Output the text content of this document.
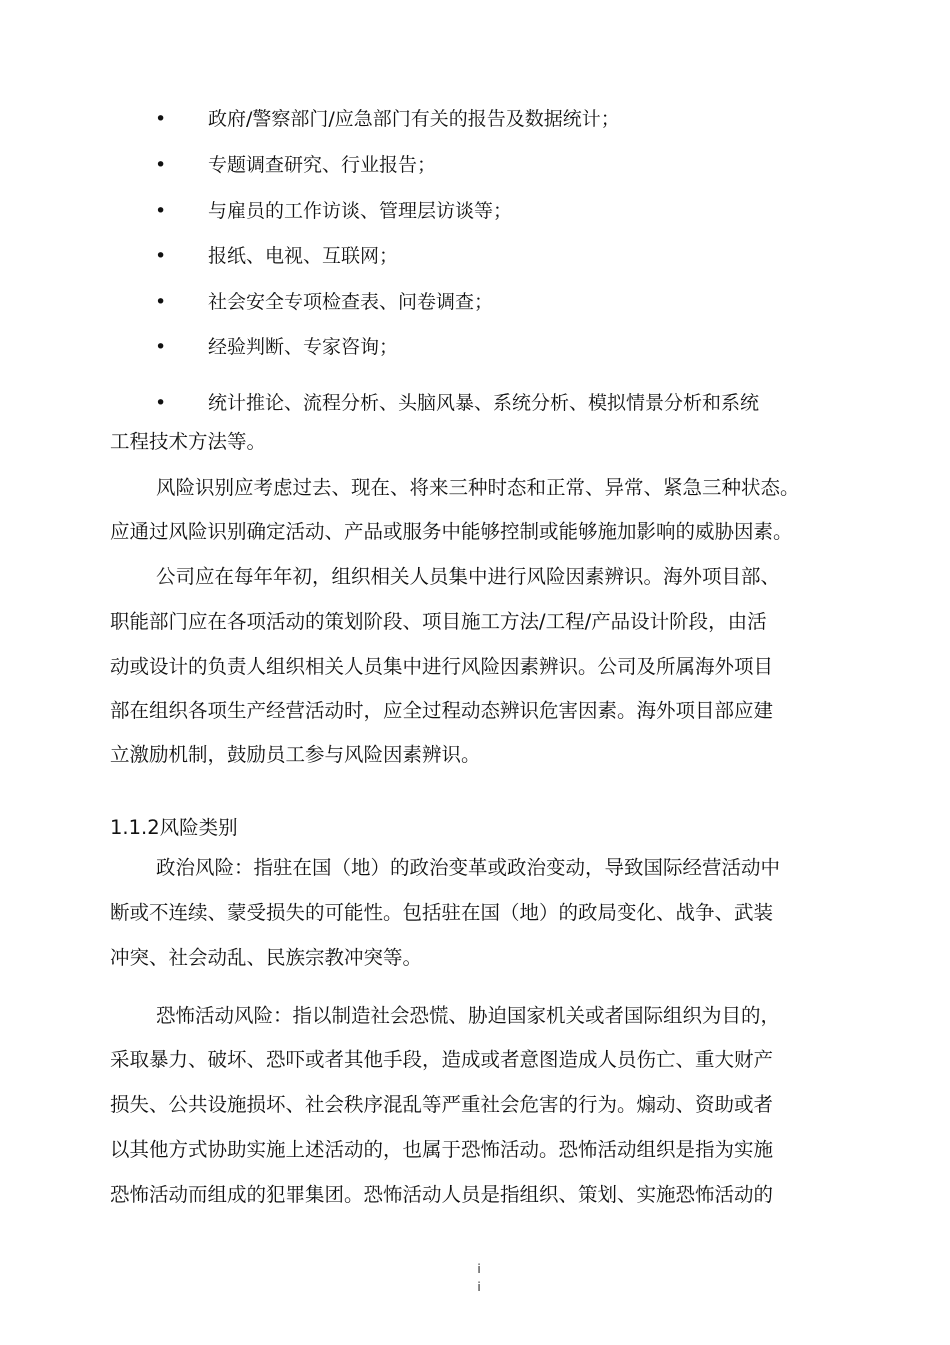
• 政府/警察部门/应急部门有关的报告及数据统计；
• 专题调查研究、行业报告；
• 与雇员的工作访谈、管理层访谈等；
• 报纸、电视、互联网；
• 社会安全专项检查表、问卷调查；
• 经验判断、专家咨询；
• 统计推论、流程分析、头脑风暴、系统分析、模拟情景分析和系统
工程技术方法等。
风险识别应考虑过去、现在、将来三种时态和正常、异常、紧急三种状态。
应通过风险识别确定活动、产品或服务中能够控制或能够施加影响的威胁因素。
公司应在每年年初，组织相关人员集中进行风险因素辨识。海外项目部、
职能部门应在各项活动的策划阶段、项目施工方法/工程/产品设计阶段，由活
动或设计的负责人组织相关人员集中进行风险因素辨识。公司及所属海外项目
部在组织各项生产经营活动时，应全过程动态辨识危害因素。海外项目部应建
立激励机制，鼓励员工参与风险因素辨识。
1.1.2风险类别
政治风险：指驻在国（地）的政治变革或政治变动，导致国际经营活动中
断或不连续、蒙受损失的可能性。包括驻在国（地）的政局变化、战争、武装
冲突、社会动乱、民族宗教冲突等。
恐怖活动风险：指以制造社会恐慌、胁迫国家机关或者国际组织为目的，
采取暴力、破坏、恐吓或者其他手段，造成或者意图造成人员伤亡、重大财产
损失、公共设施损坏、社会秩序混乱等严重社会危害的行为。煽动、资助或者
以其他方式协助实施上述活动的，也属于恐怖活动。恐怖活动组织是指为实施
恐怖活动而组成的犯罪集团。恐怖活动人员是指组织、策划、实施恐怖活动的
i
i
